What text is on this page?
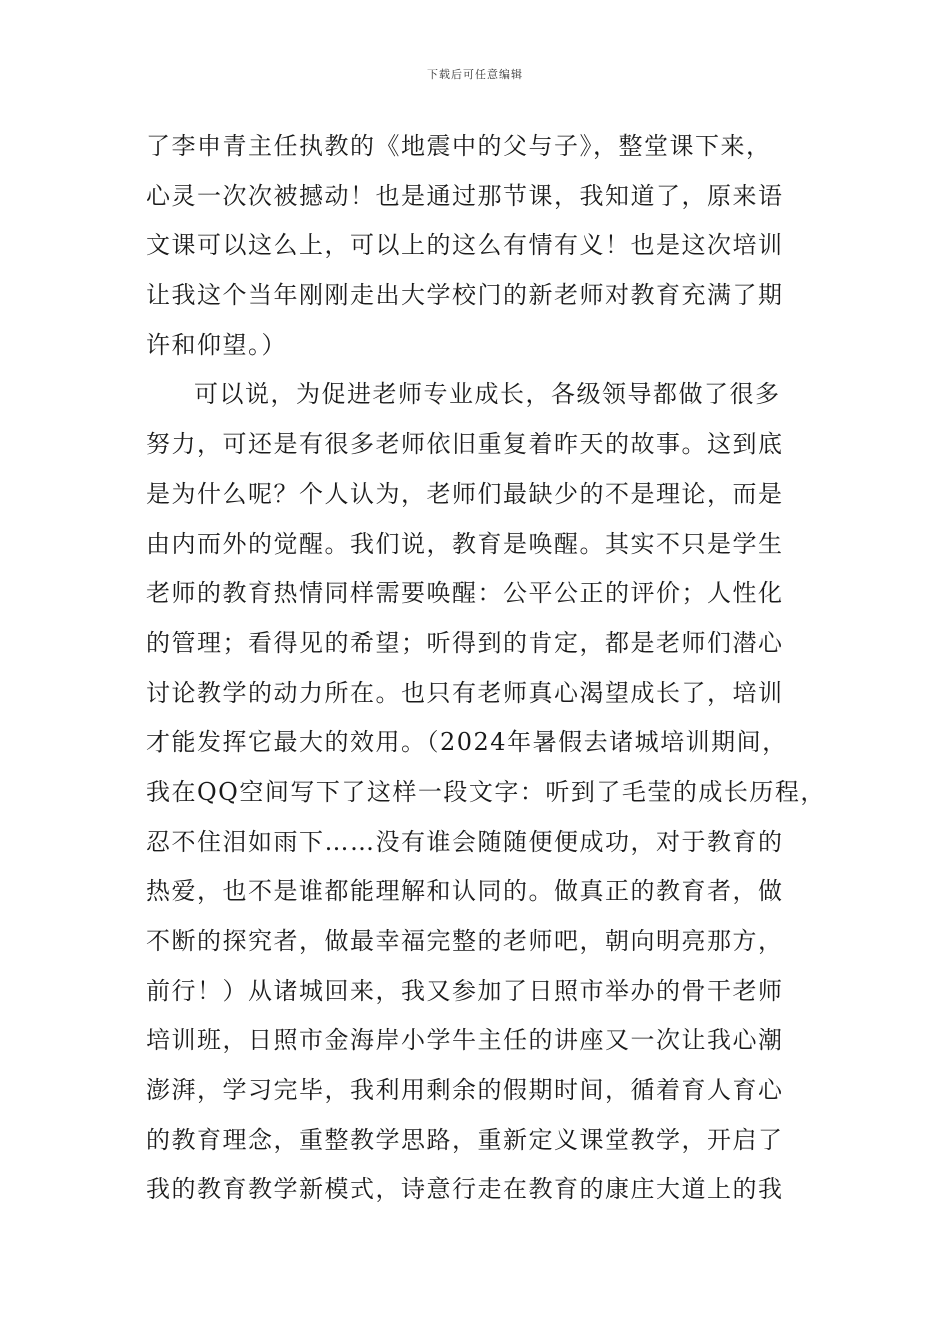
下载后可任意编辑
了李申青主任执教的《地震中的父与子》，整堂课下来，
心灵一次次被撼动！也是通过那节课，我知道了，原来语
文课可以这么上，可以上的这么有情有义！也是这次培训
让我这个当年刚刚走出大学校门的新老师对教育充满了期
许和仰望。）
可以说，为促进老师专业成长，各级领导都做了很多
努力，可还是有很多老师依旧重复着昨天的故事。这到底
是为什么呢？个人认为，老师们最缺少的不是理论，而是
由内而外的觉醒。我们说，教育是唤醒。其实不只是学生
老师的教育热情同样需要唤醒：公平公正的评价；人性化
的管理；看得见的希望；听得到的肯定，都是老师们潜心
讨论教学的动力所在。也只有老师真心渴望成长了，培训
才能发挥它最大的效用。（2024年暑假去诸城培训期间，
我在QQ空间写下了这样一段文字：听到了毛莹的成长历程，
忍不住泪如雨下……没有谁会随随便便成功，对于教育的
热爱，也不是谁都能理解和认同的。做真正的教育者，做
不断的探究者，做最幸福完整的老师吧，朝向明亮那方，
前行！）从诸城回来，我又参加了日照市举办的骨干老师
培训班，日照市金海岸小学牛主任的讲座又一次让我心潮
澎湃，学习完毕，我利用剩余的假期时间，循着育人育心
的教育理念，重整教学思路，重新定义课堂教学，开启了
我的教育教学新模式，诗意行走在教育的康庄大道上的我
